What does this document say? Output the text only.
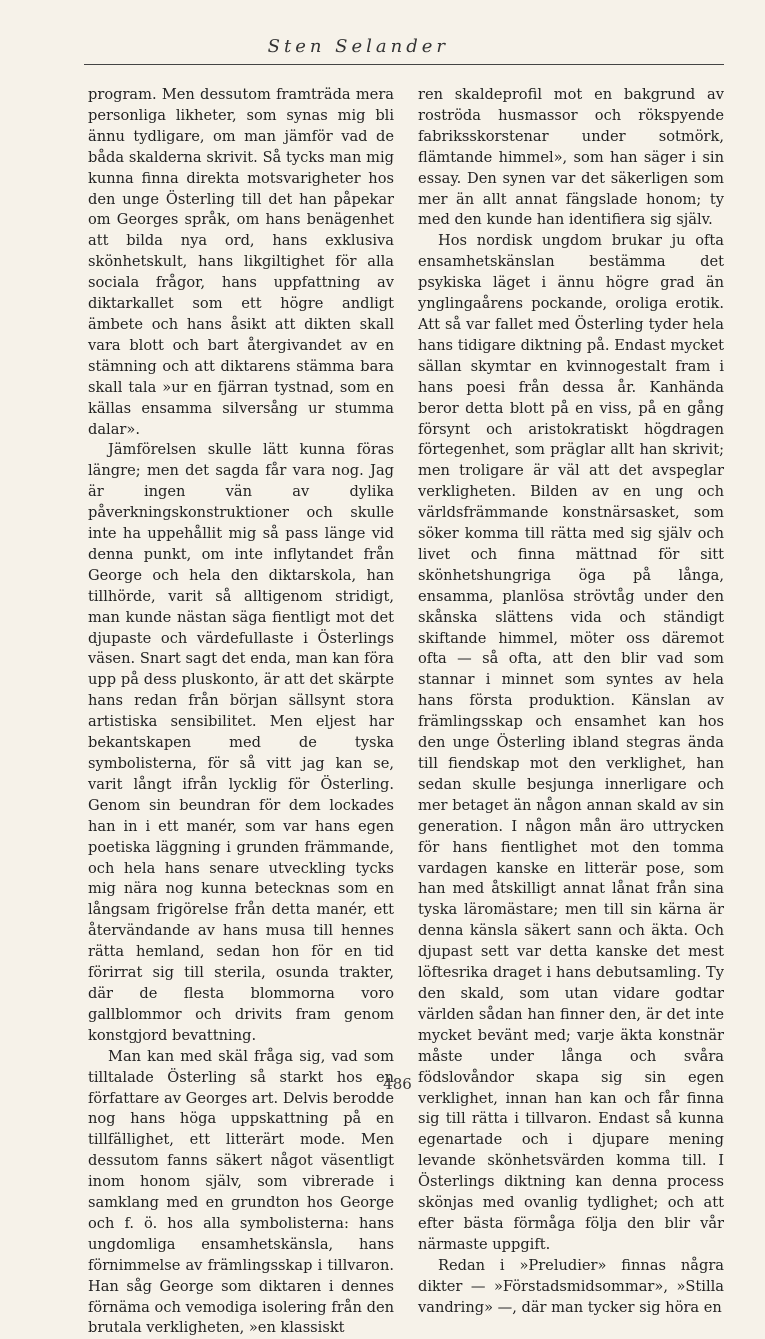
Sten Selander

program. Men dessutom framträda mera personliga likheter, som synas mig bli ännu tydligare, om man jämför vad de båda skalderna skrivit. Så tycks man mig kunna finna direkta motsvarigheter hos den unge Österling till det han påpekar om Georges språk, om hans benägenhet att bilda nya ord, hans exklusiva skönhetskult, hans likgiltighet för alla sociala frågor, hans uppfattning av diktarkallet som ett högre andligt ämbete och hans åsikt att dikten skall vara blott och bart återgivandet av en stämning och att diktarens stämma bara skall tala »ur en fjärran tystnad, som en källas ensamma silversång ur stumma dalar».

Jämförelsen skulle lätt kunna föras längre; men det sagda får vara nog. Jag är ingen vän av dylika påverkningskonstruktioner och skulle inte ha uppehållit mig så pass länge vid denna punkt, om inte inflytandet från George och hela den diktarskola, han tillhörde, varit så alltigenom stridigt, man kunde nästan säga fientligt mot det djupaste och värdefullaste i Österlings väsen. Snart sagt det enda, man kan föra upp på dess pluskonto, är att det skärpte hans redan från början sällsynt stora artistiska sensibilitet. Men eljest har bekantskapen med de tyska symbolisterna, för så vitt jag kan se, varit långt ifrån lycklig för Österling. Genom sin beundran för dem lockades han in i ett manér, som var hans egen poetiska läggning i grunden främmande, och hela hans senare utveckling tycks mig nära nog kunna betecknas som en långsam frigörelse från detta manér, ett återvändande av hans musa till hennes rätta hemland, sedan hon för en tid förirrat sig till sterila, osunda trakter, där de flesta blommorna voro gallblommor och drivits fram genom konstgjord bevattning.

Man kan med skäl fråga sig, vad som tilltalade Österling så starkt hos en författare av Georges art. Delvis berodde nog hans höga uppskattning på en tillfällighet, ett litterärt mode. Men dessutom fanns säkert något väsentligt inom honom själv, som vibrerade i samklang med en grundton hos George och f. ö. hos alla symbolisterna: hans ungdomliga ensamhetskänsla, hans förnimmelse av främlingsskap i tillvaron. Han såg George som diktaren i dennes förnäma och vemodiga isolering från den brutala verkligheten, »en klassiskt

ren skaldeprofil mot en bakgrund av roströda husmassor och rökspyende fabriksskorstenar under sotmörk, flämtande himmel», som han säger i sin essay. Den synen var det säkerligen som mer än allt annat fängslade honom; ty med den kunde han identifiera sig själv.

Hos nordisk ungdom brukar ju ofta ensamhetskänslan bestämma det psykiska läget i ännu högre grad än ynglingaårens pockande, oroliga erotik. Att så var fallet med Österling tyder hela hans tidigare diktning på. Endast mycket sällan skymtar en kvinnogestalt fram i hans poesi från dessa år. Kanhända beror detta blott på en viss, på en gång försynt och aristokratiskt högdragen förtegenhet, som präglar allt han skrivit; men troligare är väl att det avspeglar verkligheten. Bilden av en ung och världsfrämmande konstnärsasket, som söker komma till rätta med sig själv och livet och finna mättnad för sitt skönhetshungriga öga på långa, ensamma, planlösa strövtåg under den skånska slättens vida och ständigt skiftande himmel, möter oss däremot ofta — så ofta, att den blir vad som stannar i minnet som syntes av hela hans första produktion. Känslan av främlingsskap och ensamhet kan hos den unge Österling ibland stegras ända till fiendskap mot den verklighet, han sedan skulle besjunga innerligare och mer betaget än någon annan skald av sin generation. I någon mån äro uttrycken för hans fientlighet mot den tomma vardagen kanske en litterär pose, som han med åtskilligt annat lånat från sina tyska läromästare; men till sin kärna är denna känsla säkert sann och äkta. Och djupast sett var detta kanske det mest löftesrika draget i hans debutsamling. Ty den skald, som utan vidare godtar världen sådan han finner den, är det inte mycket bevänt med; varje äkta konstnär måste under långa och svåra födslovåndor skapa sig sin egen verklighet, innan han kan och får finna sig till rätta i tillvaron. Endast så kunna egenartade och i djupare mening levande skönhetsvärden komma till. I Österlings diktning kan denna process skönjas med ovanlig tydlighet; och att efter bästa förmåga följa den blir vår närmaste uppgift.

Redan i »Preludier» finnas några dikter — »Förstadsmidsommar», »Stilla vandring» —, där man tycker sig höra en

486
